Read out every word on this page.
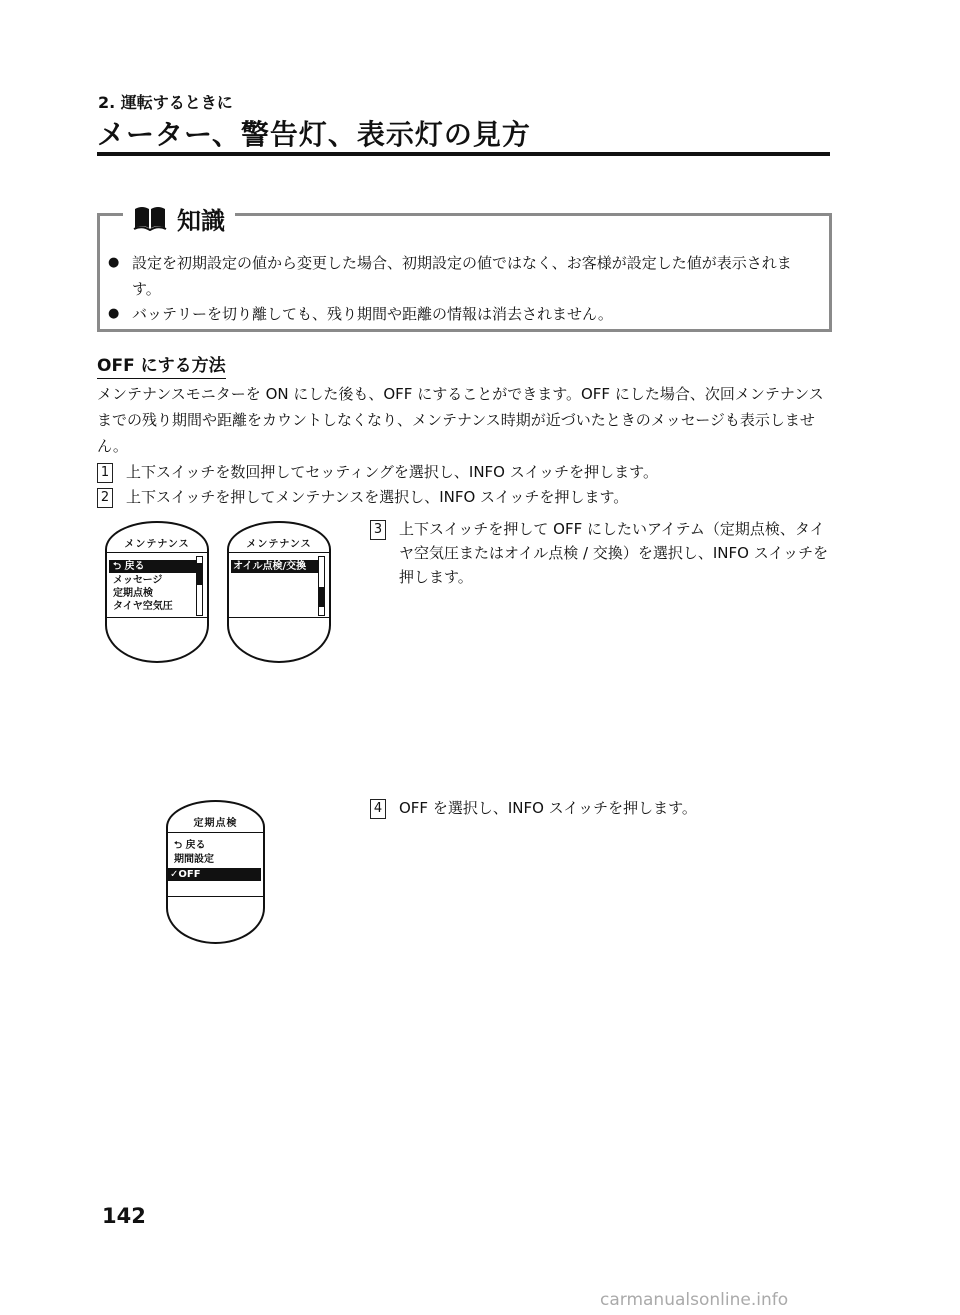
2. 運転するときに
メーター、警告灯、表示灯の見方
● 設定を初期設定の値から変更した場合、初期設定の値ではなく、お客様が設定した値が表示されます。
● バッテリーを切り離しても、残り期間や距離の情報は消去されません。
知識
OFF にする方法
メンテナンスモニターを ON にした後も、OFF にすることができます。OFF にした場合、次回メンテナンスまでの残り期間や距離をカウントしなくなり、メンテナンス時期が近づいたときのメッセージも表示しません。
1 上下スイッチを数回押してセッティングを選択し、INFO スイッチを押します。
2 上下スイッチを押してメンテナンスを選択し、INFO スイッチを押します。
3 上下スイッチを押して OFF にしたいアイテム（定期点検、タイヤ空気圧またはオイル点検 / 交換）を選択し、INFO スイッチを押します。
4 OFF を選択し、INFO スイッチを押します。
メンテナンス
⮌ 戻る
メッセージ
定期点検
タイヤ空気圧
メンテナンス
オイル点検/交換
定期点検
⮌ 戻る
期間設定
✓OFF
142
carmanualsonline.info
